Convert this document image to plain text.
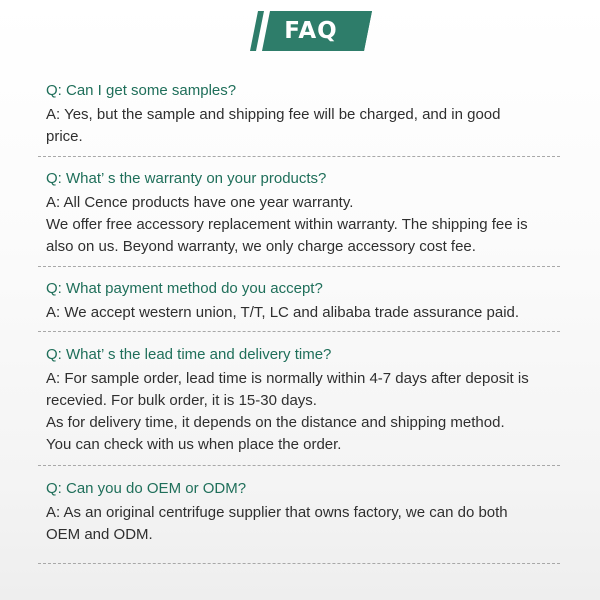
FAQ
Q: Can I get some samples?

A: Yes, but the sample and shipping fee will be charged, and in good

price.

Q: What’ s the warranty on your products?

A: All Cence products have one year warranty.

We offer free accessory replacement within warranty. The shipping fee is

also on us. Beyond warranty, we only charge accessory cost fee.

Q: What payment method do you accept?

A: We accept western union, T/T, LC and alibaba trade assurance paid.

Q: What’ s the lead time and delivery time?

A: For sample order, lead time is normally within 4-7 days after deposit is

recevied. For bulk order, it is 15-30 days.

As for delivery time, it depends on the distance and shipping method.

You can check with us when place the order.

Q: Can you do OEM or ODM?

A: As an original centrifuge supplier that owns factory, we can do both

OEM and ODM.
